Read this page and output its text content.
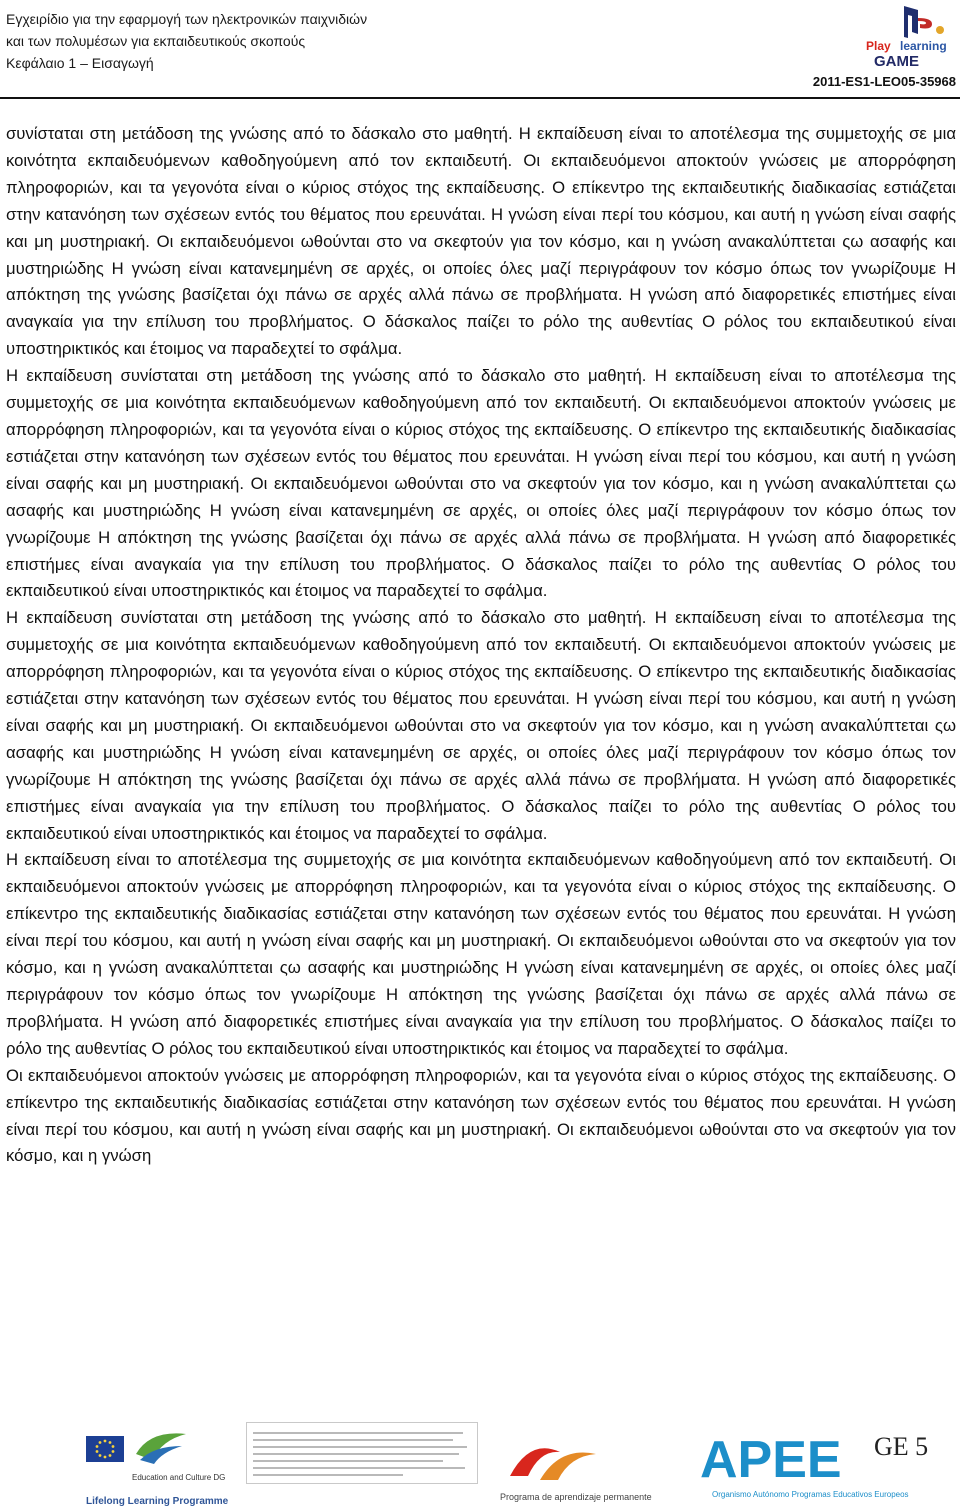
Εγχειρίδιο για την εφαρμογή των ηλεκτρονικών παιχνιδιών
και των πολυμέσων για εκπαιδευτικούς σκοπούς
Κεφάλαιο 1 – Εισαγωγή
Play learning
GAME
2011-ES1-LEO05-35968

συνίσταται στη μετάδοση της γνώσης από το δάσκαλο στο μαθητή. Η εκπαίδευση είναι το αποτέλεσμα της συμμετοχής σε μια κοινότητα εκπαιδευόμενων καθοδηγούμενη από τον εκπαιδευτή. Οι εκπαιδευόμενοι αποκτούν γνώσεις με απορρόφηση πληροφοριών, και τα γεγονότα είναι ο κύριος στόχος της εκπαίδευσης. Ο επίκεντρο της εκπαιδευτικής διαδικασίας εστιάζεται στην κατανόηση των σχέσεων εντός του θέματος που ερευνάται. Η γνώση είναι περί του κόσμου, και αυτή η γνώση είναι σαφής και μη μυστηριακή. Οι εκπαιδευόμενοι ωθούνται στο να σκεφτούν για τον κόσμο, και η γνώση ανακαλύπτεται ςω ασαφής και μυστηριώδης Η γνώση είναι κατανεμημένη σε αρχές, οι οποίες όλες μαζί περιγράφουν τον κόσμο όπως τον γνωρίζουμε Η απόκτηση της γνώσης βασίζεται όχι πάνω σε αρχές αλλά πάνω σε προβλήματα. Η γνώση από διαφορετικές επιστήμες είναι αναγκαία για την επίλυση του προβλήματος. Ο δάσκαλος παίζει το ρόλο της αυθεντίας Ο ρόλος του εκπαιδευτικού είναι υποστηρικτικός και έτοιμος να παραδεχτεί το σφάλμα.

Η εκπαίδευση συνίσταται στη μετάδοση της γνώσης από το δάσκαλο στο μαθητή. Η εκπαίδευση είναι το αποτέλεσμα της συμμετοχής σε μια κοινότητα εκπαιδευόμενων καθοδηγούμενη από τον εκπαιδευτή. Οι εκπαιδευόμενοι αποκτούν γνώσεις με απορρόφηση πληροφοριών, και τα γεγονότα είναι ο κύριος στόχος της εκπαίδευσης. Ο επίκεντρο της εκπαιδευτικής διαδικασίας εστιάζεται στην κατανόηση των σχέσεων εντός του θέματος που ερευνάται. Η γνώση είναι περί του κόσμου, και αυτή η γνώση είναι σαφής και μη μυστηριακή. Οι εκπαιδευόμενοι ωθούνται στο να σκεφτούν για τον κόσμο, και η γνώση ανακαλύπτεται ςω ασαφής και μυστηριώδης Η γνώση είναι κατανεμημένη σε αρχές, οι οποίες όλες μαζί περιγράφουν τον κόσμο όπως τον γνωρίζουμε Η απόκτηση της γνώσης βασίζεται όχι πάνω σε αρχές αλλά πάνω σε προβλήματα. Η γνώση από διαφορετικές επιστήμες είναι αναγκαία για την επίλυση του προβλήματος. Ο δάσκαλος παίζει το ρόλο της αυθεντίας Ο ρόλος του εκπαιδευτικού είναι υποστηρικτικός και έτοιμος να παραδεχτεί το σφάλμα.

Η εκπαίδευση συνίσταται στη μετάδοση της γνώσης από το δάσκαλο στο μαθητή. Η εκπαίδευση είναι το αποτέλεσμα της συμμετοχής σε μια κοινότητα εκπαιδευόμενων καθοδηγούμενη από τον εκπαιδευτή. Οι εκπαιδευόμενοι αποκτούν γνώσεις με απορρόφηση πληροφοριών, και τα γεγονότα είναι ο κύριος στόχος της εκπαίδευσης. Ο επίκεντρο της εκπαιδευτικής διαδικασίας εστιάζεται στην κατανόηση των σχέσεων εντός του θέματος που ερευνάται. Η γνώση είναι περί του κόσμου, και αυτή η γνώση είναι σαφής και μη μυστηριακή. Οι εκπαιδευόμενοι ωθούνται στο να σκεφτούν για τον κόσμο, και η γνώση ανακαλύπτεται ςω ασαφής και μυστηριώδης Η γνώση είναι κατανεμημένη σε αρχές, οι οποίες όλες μαζί περιγράφουν τον κόσμο όπως τον γνωρίζουμε Η απόκτηση της γνώσης βασίζεται όχι πάνω σε αρχές αλλά πάνω σε προβλήματα. Η γνώση από διαφορετικές επιστήμες είναι αναγκαία για την επίλυση του προβλήματος. Ο δάσκαλος παίζει το ρόλο της αυθεντίας Ο ρόλος του εκπαιδευτικού είναι υποστηρικτικός και έτοιμος να παραδεχτεί το σφάλμα.

Η εκπαίδευση είναι το αποτέλεσμα της συμμετοχής σε μια κοινότητα εκπαιδευόμενων καθοδηγούμενη από τον εκπαιδευτή. Οι εκπαιδευόμενοι αποκτούν γνώσεις με απορρόφηση πληροφοριών, και τα γεγονότα είναι ο κύριος στόχος της εκπαίδευσης. Ο επίκεντρο της εκπαιδευτικής διαδικασίας εστιάζεται στην κατανόηση των σχέσεων εντός του θέματος που ερευνάται. Η γνώση είναι περί του κόσμου, και αυτή η γνώση είναι σαφής και μη μυστηριακή. Οι εκπαιδευόμενοι ωθούνται στο να σκεφτούν για τον κόσμο, και η γνώση ανακαλύπτεται ςω ασαφής και μυστηριώδης Η γνώση είναι κατανεμημένη σε αρχές, οι οποίες όλες μαζί περιγράφουν τον κόσμο όπως τον γνωρίζουμε Η απόκτηση της γνώσης βασίζεται όχι πάνω σε αρχές αλλά πάνω σε προβλήματα. Η γνώση από διαφορετικές επιστήμες είναι αναγκαία για την επίλυση του προβλήματος. Ο δάσκαλος παίζει το ρόλο της αυθεντίας Ο ρόλος του εκπαιδευτικού είναι υποστηρικτικός και έτοιμος να παραδεχτεί το σφάλμα.

Οι εκπαιδευόμενοι αποκτούν γνώσεις με απορρόφηση πληροφοριών, και τα γεγονότα είναι ο κύριος στόχος της εκπαίδευσης. Ο επίκεντρο της εκπαιδευτικής διαδικασίας εστιάζεται στην κατανόηση των σχέσεων εντός του θέματος που ερευνάται. Η γνώση είναι περί του κόσμου, και αυτή η γνώση είναι σαφής και μη μυστηριακή. Οι εκπαιδευόμενοι ωθούνται στο να σκεφτούν για τον κόσμο, και η γνώση

Education and Culture DG
Lifelong Learning Programme	Programa de aprendizaje permanente
APEE
Organismo Autónomo Programas Educativos Europeos
GE 5
